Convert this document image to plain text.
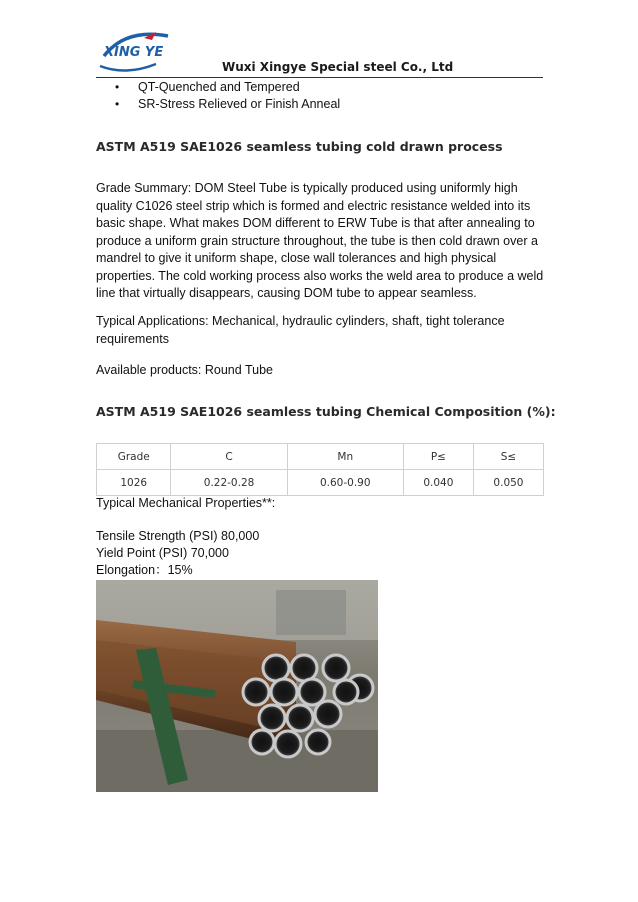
XING YE
Wuxi Xingye Special steel Co., Ltd
• QT-Quenched and Tempered
• SR-Stress Relieved or Finish Anneal
ASTM A519 SAE1026 seamless tubing cold drawn process
Grade Summary: DOM Steel Tube is typically produced using uniformly high quality C1026 steel strip which is formed and electric resistance welded into its basic shape. What makes DOM different to ERW Tube is that after annealing to produce a uniform grain structure throughout, the tube is then cold drawn over a mandrel to give it uniform shape, close wall tolerances and high physical properties. The cold working process also works the weld area to produce a weld line that virtually disappears, causing DOM tube to appear seamless.
Typical Applications: Mechanical, hydraulic cylinders, shaft, tight tolerance requirements
Available products: Round Tube
ASTM A519 SAE1026 seamless tubing Chemical Composition (%):
Grade	C	Mn	P≤	S≤
1026	0.22-0.28	0.60-0.90	0.040	0.050
Typical Mechanical Properties**:
Tensile Strength (PSI) 80,000
Yield Point (PSI) 70,000
Elongation：15%
